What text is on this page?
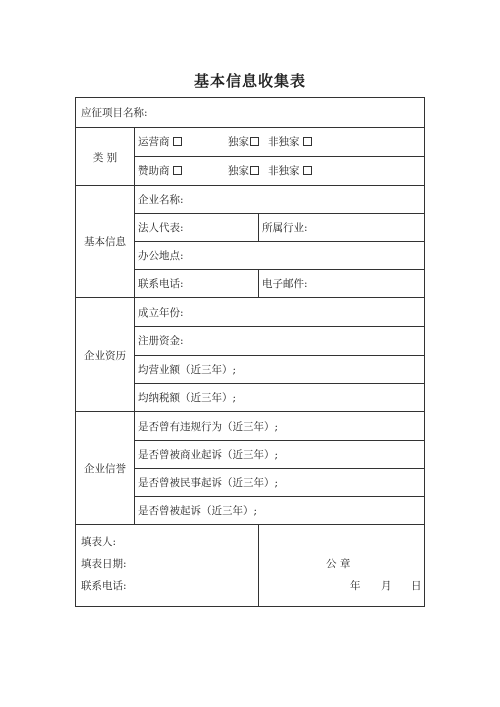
基本信息收集表
应征项目名称:
类 别
运营商	独家	非独家
赞助商	独家	非独家
基本信息
企业名称:
法人代表:	所属行业:
办公地点:
联系电话:	电子邮件:
企业资历
成立年份:
注册资金:
均营业额（近三年）;
均纳税额（近三年）;
企业信誉
是否曾有违规行为（近三年）;
是否曾被商业起诉（近三年）;
是否曾被民事起诉（近三年）;
是否曾被起诉（近三年）;
填表人:
填表日期:
联系电话:
公 章
年 月 日
